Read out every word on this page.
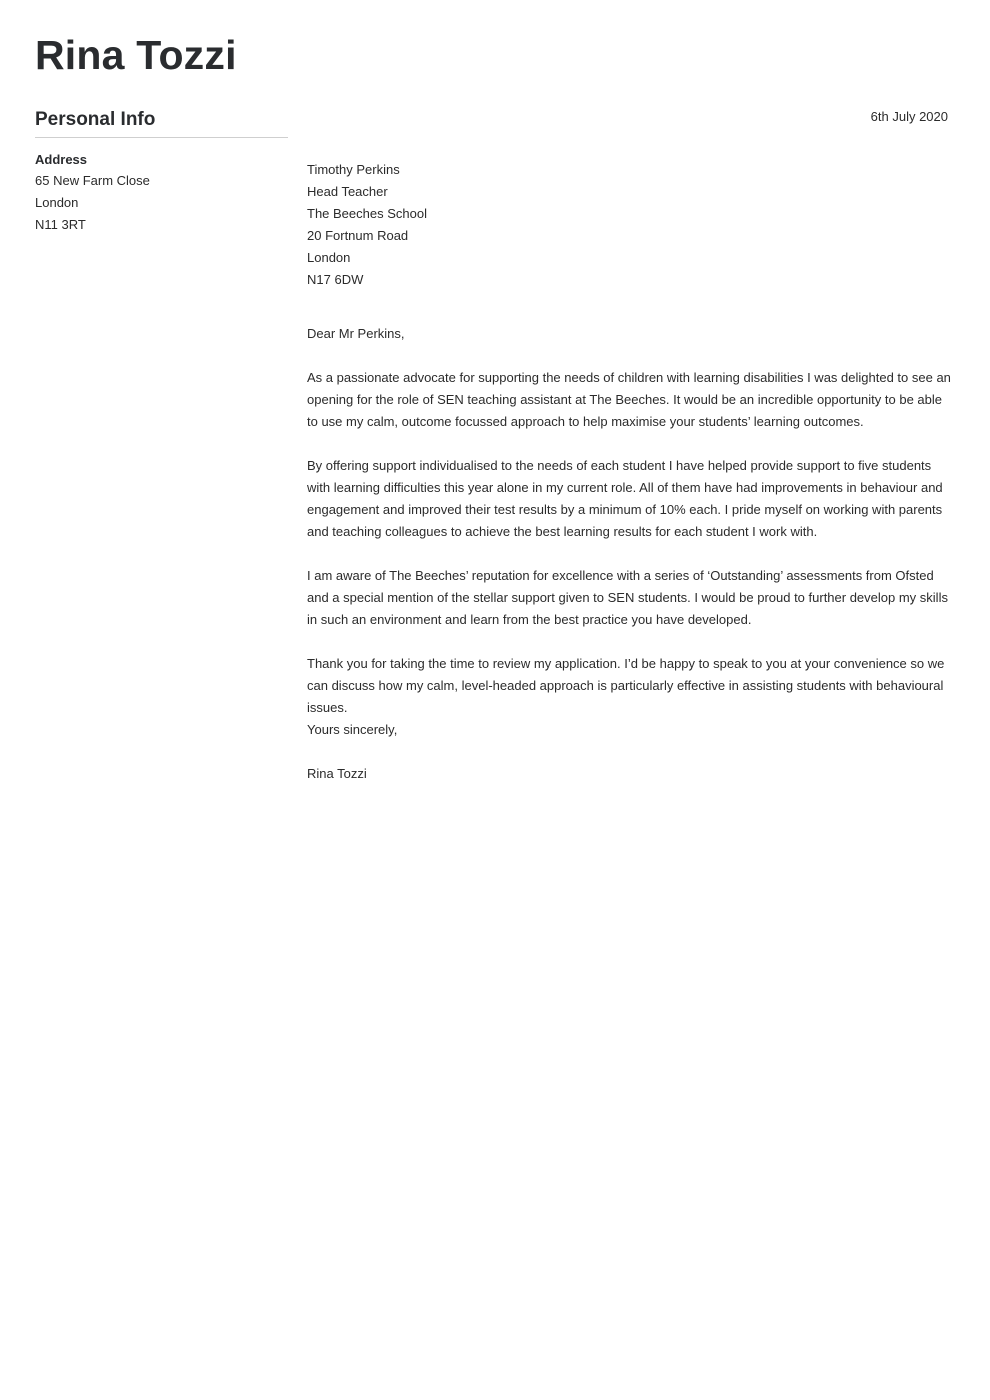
Rina Tozzi
Personal Info
Address
65 New Farm Close
London
N11 3RT
6th July 2020
Timothy Perkins
Head Teacher
The Beeches School
20 Fortnum Road
London
N17 6DW
Dear Mr Perkins,
As a passionate advocate for supporting the needs of children with learning disabilities I was delighted to see an opening for the role of SEN teaching assistant at The Beeches. It would be an incredible opportunity to be able to use my calm, outcome focussed approach to help maximise your students’ learning outcomes.
By offering support individualised to the needs of each student I have helped provide support to five students with learning difficulties this year alone in my current role. All of them have had improvements in behaviour and engagement and improved their test results by a minimum of 10% each. I pride myself on working with parents and teaching colleagues to achieve the best learning results for each student I work with.
I am aware of The Beeches’ reputation for excellence with a series of ‘Outstanding’ assessments from Ofsted and a special mention of the stellar support given to SEN students. I would be proud to further develop my skills in such an environment and learn from the best practice you have developed.
Thank you for taking the time to review my application. I’d be happy to speak to you at your convenience so we can discuss how my calm, level-headed approach is particularly effective in assisting students with behavioural issues.
Yours sincerely,
Rina Tozzi
